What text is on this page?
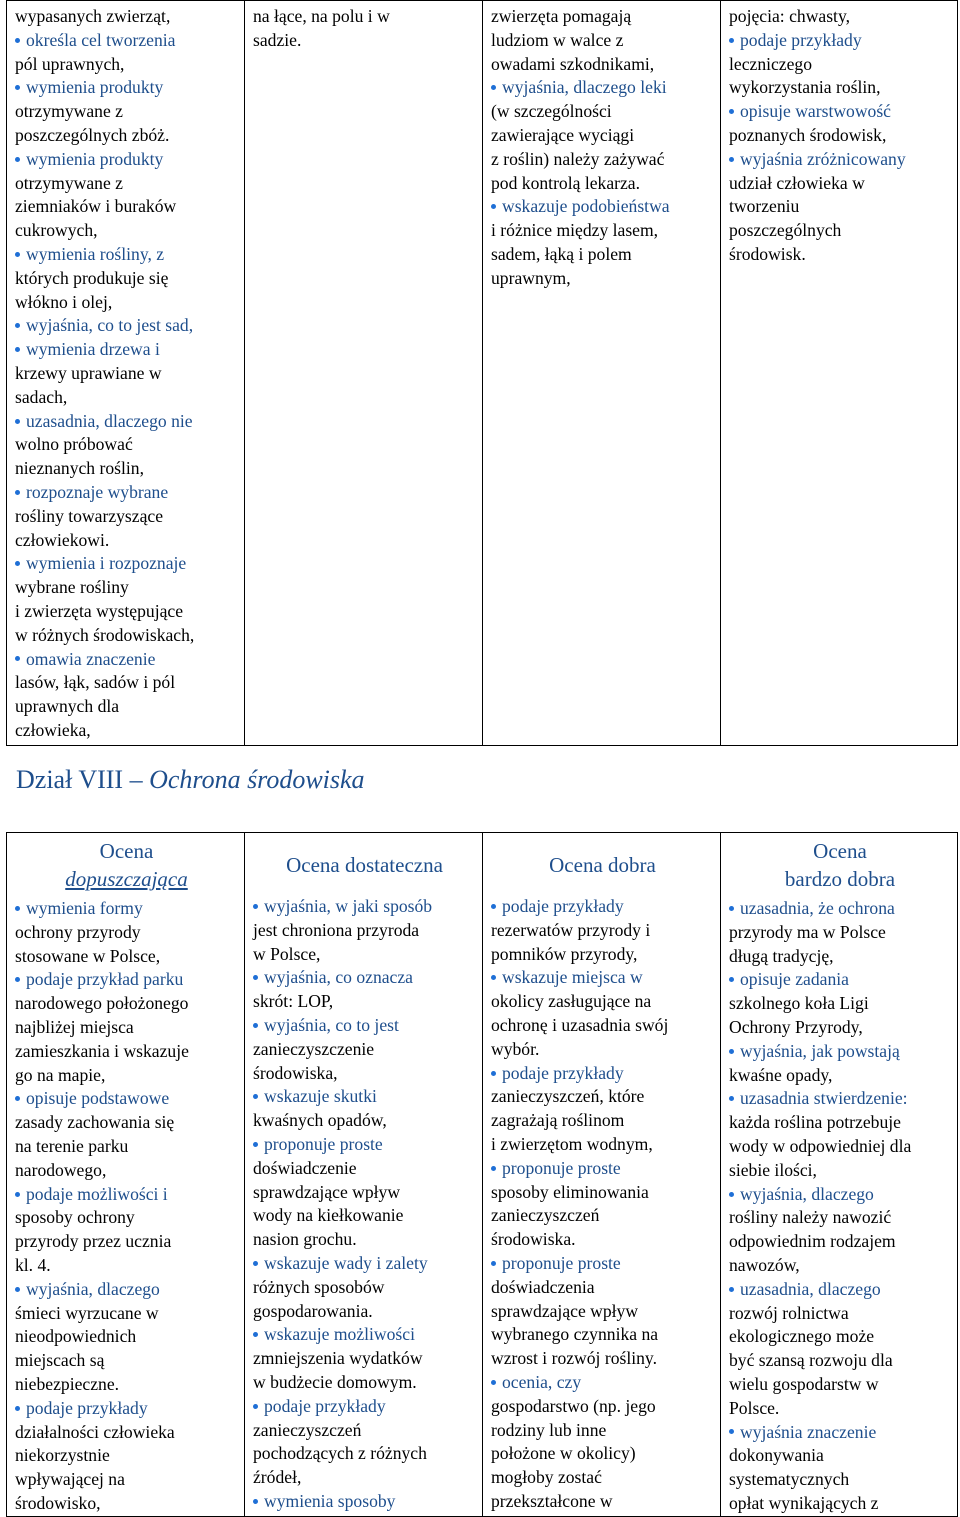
wypasanych zwierząt,
określa cel tworzenia
pól uprawnych,
wymienia produkty
otrzymywane z
poszczególnych zbóż.
wymienia produkty
otrzymywane z
ziemniaków i buraków
cukrowych,
wymienia rośliny, z
których produkuje się
włókno i olej,
wyjaśnia, co to jest sad,
wymienia drzewa i
krzewy uprawiane w
sadach,
uzasadnia, dlaczego nie
wolno próbować
nieznanych roślin,
rozpoznaje wybrane
rośliny towarzyszące
człowiekowi.
wymienia i rozpoznaje
wybrane rośliny
i zwierzęta występujące
w różnych środowiskach,
omawia znaczenie
lasów, łąk, sadów i pól
uprawnych dla
człowieka,

na łące, na polu i w
sadzie.

zwierzęta pomagają
ludziom w walce z
owadami szkodnikami,
wyjaśnia, dlaczego leki
(w szczególności
zawierające wyciągi
z roślin) należy zażywać
pod kontrolą lekarza.
wskazuje podobieństwa
i różnice między lasem,
sadem, łąką i polem
uprawnym,

pojęcia: chwasty,
podaje przykłady
leczniczego
wykorzystania roślin,
opisuje warstwowość
poznanych środowisk,
wyjaśnia zróżnicowany
udział człowieka w
tworzeniu
poszczególnych
środowisk.
Dział VIII – Ochrona środowiska
Ocena
dopuszczająca
wymienia formy
ochrony przyrody
stosowane w Polsce,
podaje przykład parku
narodowego położonego
najbliżej miejsca
zamieszkania i wskazuje
go na mapie,
opisuje podstawowe
zasady zachowania się
na terenie parku
narodowego,
podaje możliwości i
sposoby ochrony
przyrody przez ucznia
kl. 4.
wyjaśnia, dlaczego
śmieci wyrzucane w
nieodpowiednich
miejscach są
niebezpieczne.
podaje przykłady
działalności człowieka
niekorzystnie
wpływającej na
środowisko,

Ocena dostateczna
wyjaśnia, w jaki sposób
jest chroniona przyroda
w Polsce,
wyjaśnia, co oznacza
skrót: LOP,
wyjaśnia, co to jest
zanieczyszczenie
środowiska,
wskazuje skutki
kwaśnych opadów,
proponuje proste
doświadczenie
sprawdzające wpływ
wody na kiełkowanie
nasion grochu.
wskazuje wady i zalety
różnych sposobów
gospodarowania.
wskazuje możliwości
zmniejszenia wydatków
w budżecie domowym.
podaje przykłady
zanieczyszczeń
pochodzących z różnych
źródeł,
wymienia sposoby

Ocena dobra
podaje przykłady
rezerwatów przyrody i
pomników przyrody,
wskazuje miejsca w
okolicy zasługujące na
ochronę i uzasadnia swój
wybór.
podaje przykłady
zanieczyszczeń, które
zagrażają roślinom
i zwierzętom wodnym,
proponuje proste
sposoby eliminowania
zanieczyszczeń
środowiska.
proponuje proste
doświadczenia
sprawdzające wpływ
wybranego czynnika na
wzrost i rozwój rośliny.
ocenia, czy
gospodarstwo (np. jego
rodziny lub inne
położone w okolicy)
mogłoby zostać
przekształcone w

Ocena
bardzo dobra
uzasadnia, że ochrona
przyrody ma w Polsce
długą tradycję,
opisuje zadania
szkolnego koła Ligi
Ochrony Przyrody,
wyjaśnia, jak powstają
kwaśne opady,
uzasadnia stwierdzenie:
każda roślina potrzebuje
wody w odpowiedniej dla
siebie ilości,
wyjaśnia, dlaczego
rośliny należy nawozić
odpowiednim rodzajem
nawozów,
uzasadnia, dlaczego
rozwój rolnictwa
ekologicznego może
być szansą rozwoju dla
wielu gospodarstw w
Polsce.
wyjaśnia znaczenie
dokonywania
systematycznych
opłat wynikających z
